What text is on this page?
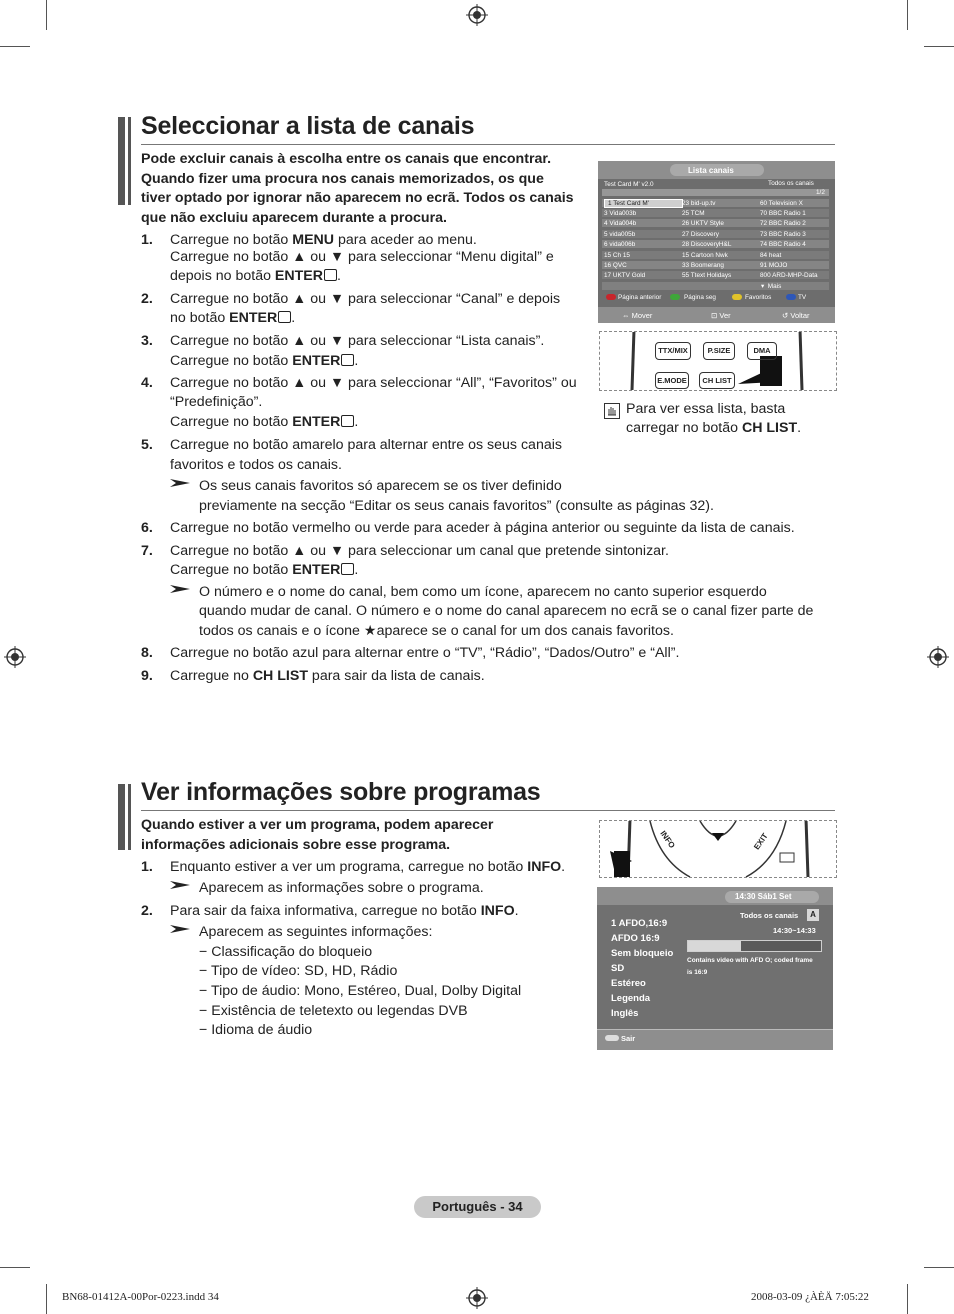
Seleccionar a lista de canais
Pode excluir canais à escolha entre os canais que encontrar.
Quando fizer uma procura nos canais memorizados, os que
tiver optado por ignorar não aparecem no ecrã. Todos os canais
que não excluiu aparecem durante a procura.
1. Carregue no botão MENU para aceder ao menu.
Carregue no botão ▲ ou ▼ para seleccionar “Menu digital” e
depois no botão ENTER .
2. Carregue no botão ▲ ou ▼ para seleccionar “Canal” e depois
no botão ENTER .
3. Carregue no botão ▲ ou ▼ para seleccionar “Lista canais”.
Carregue no botão ENTER .
4. Carregue no botão ▲ ou ▼ para seleccionar “All”, “Favoritos” ou
“Predefinição”.
Carregue no botão ENTER .
5. Carregue no botão amarelo para alternar entre os seus canais
favoritos e todos os canais.
Os seus canais favoritos só aparecem se os tiver definido
previamente na secção “Editar os seus canais favoritos” (consulte as páginas 32).
6. Carregue no botão vermelho ou verde para aceder à página anterior ou seguinte da lista de canais.
7. Carregue no botão ▲ ou ▼ para seleccionar um canal que pretende sintonizar.
Carregue no botão ENTER .
O número e o nome do canal, bem como um ícone, aparecem no canto superior esquerdo
quando mudar de canal. O número e o nome do canal aparecem no ecrã se o canal fizer parte de
todos os canais e o ícone ★aparece se o canal for um dos canais favoritos.
8. Carregue no botão azul para alternar entre o “TV”, “Rádio”, “Dados/Outro” e “All”.
9. Carregue no CH LIST para sair da lista de canais.
Lista canais
Test Card M' v2.0	Todos os canais
1/2
1 Test Card M'	23 bid-up.tv	60 Television X
3 Vida003b	25 TCM	70 BBC Radio 1
4 Vida004b	26 UKTV Style	72 BBC Radio 2
5 vida005b	27 Discovery	73 BBC Radio 3
6 vida006b	28 DiscoveryH&L	74 BBC Radio 4
15 Ch 15	15 Cartoon Nwk	84 heat
16 QVC	33 Boomerang	91 MOJO
17 UKTV Gold	55 Ttext Holidays	800 ARD-MHP-Data
▾  Mais
Página anterior	Página seg	Favoritos	TV
⇔ Mover	⊡ Ver	↺ Voltar
TTX/MIX	P.SIZE	DMA
E.MODE	CH LIST
Para ver essa lista, basta
carregar no botão CH LIST.
Ver informações sobre programas
Quando estiver a ver um programa, podem aparecer
informações adicionais sobre esse programa.
1. Enquanto estiver a ver um programa, carregue no botão INFO.
Aparecem as informações sobre o programa.
2. Para sair da faixa informativa, carregue no botão INFO.
Aparecem as seguintes informações:
− Classificação do bloqueio
− Tipo de vídeo: SD, HD, Rádio
− Tipo de áudio: Mono, Estéreo, Dual, Dolby Digital
− Existência de teletexto ou legendas DVB
− Idioma de áudio
INFO	EXIT
14:30 Sáb1 Set
1 AFDO,16:9
AFDO 16:9
Sem bloqueio
SD
Estéreo
Legenda
Inglês
Todos os canais	A
14:30~14:33
Contains video with AFD O; coded frame
is 16:9
Sair
Português - 34
BN68-01412A-00Por-0223.indd 34	2008-03-09 ¿ÀÈÄ 7:05:22
